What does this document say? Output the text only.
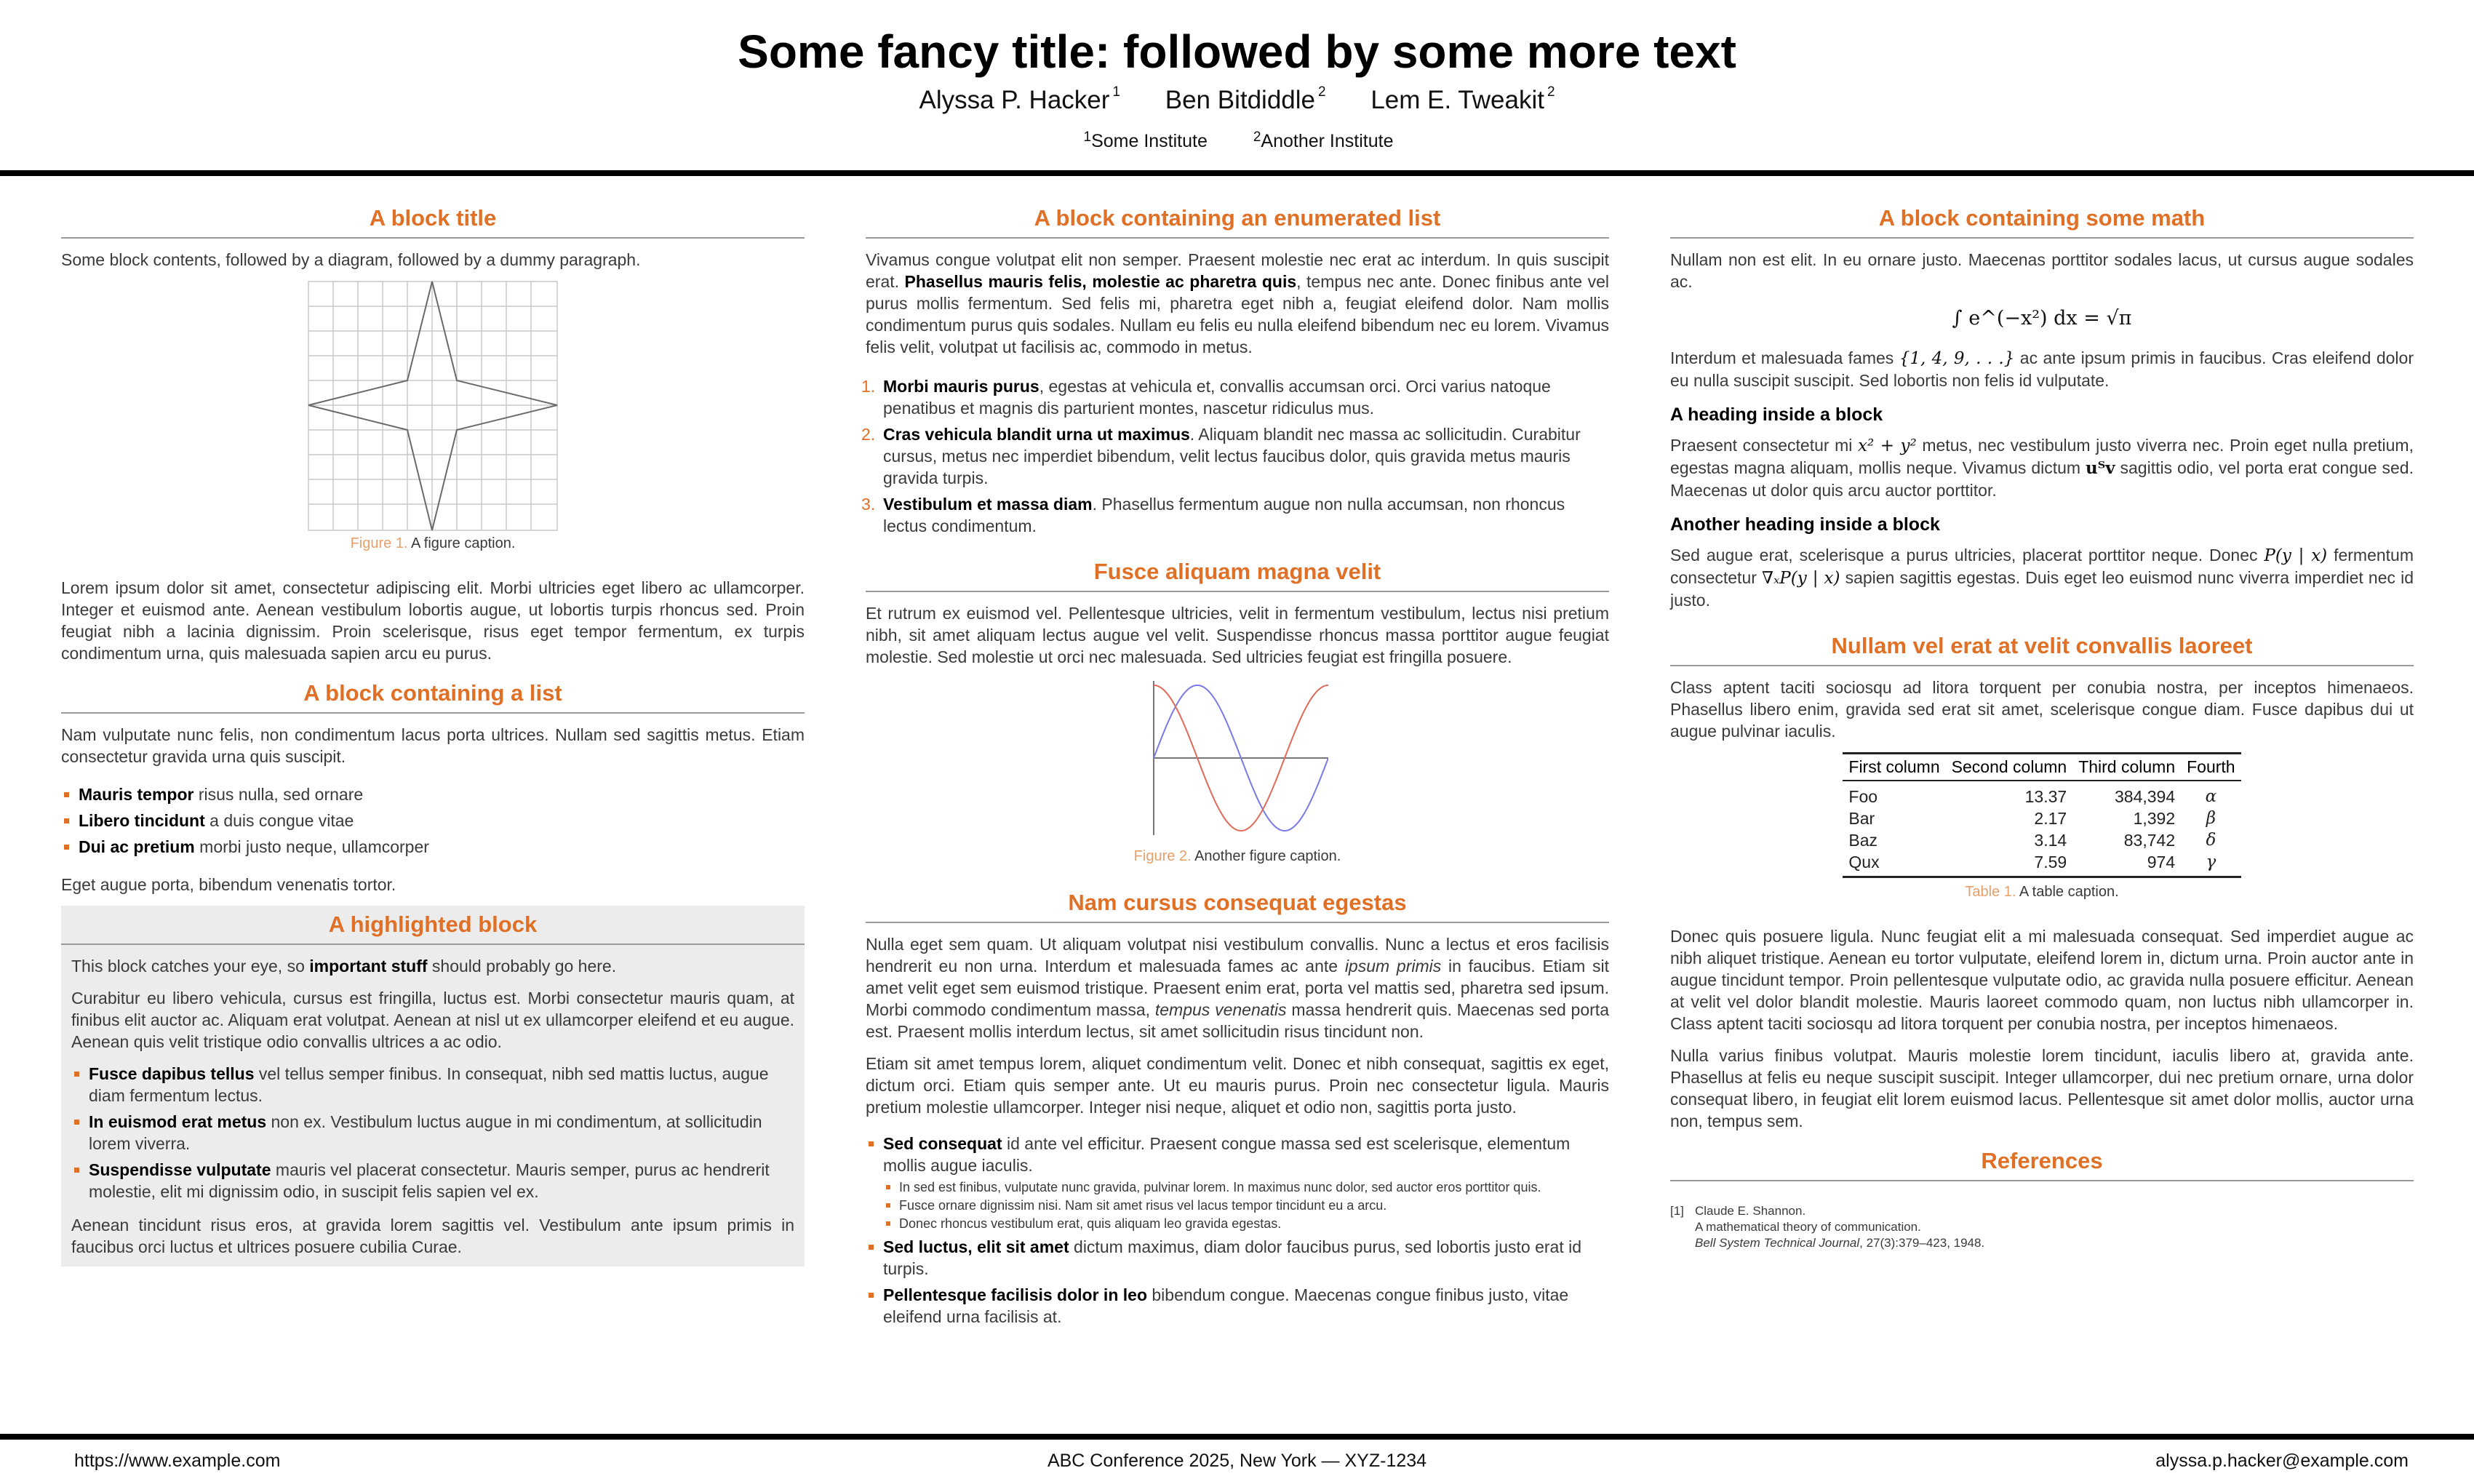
Some fancy title: followed by some more text
Alyssa P. Hacker $^1$ Ben Bitdiddle $^2$ Lem E. Tweakit $^2$
$^1$Some Institute	$^2$Another Institute
A block title

Some block contents, followed by a diagram, followed by a dummy paragraph.

Figure 1. A figure caption.

Lorem ipsum dolor sit amet, consectetur adipiscing elit. Morbi ultricies eget libero ac ullamcorper. Integer et euismod ante. Aenean vestibulum lobortis augue, ut lobortis turpis rhoncus sed. Proin feugiat nibh a lacinia dignissim. Proin scelerisque, risus eget tempor fermentum, ex turpis condimentum urna, quis malesuada sapien arcu eu purus.

A block containing a list

Nam vulputate nunc felis, non condimentum lacus porta ultrices. Nullam sed sagittis metus. Etiam consectetur gravida urna quis suscipit.

Mauris tempor risus nulla, sed ornare
Libero tincidunt a duis congue vitae
Dui ac pretium morbi justo neque, ullamcorper

Eget augue porta, bibendum venenatis tortor.

A highlighted block

This block catches your eye, so important stuff should probably go here.

Curabitur eu libero vehicula, cursus est fringilla, luctus est. Morbi consectetur mauris quam, at finibus elit auctor ac. Aliquam erat volutpat. Aenean at nisl ut ex ullamcorper eleifend et eu augue. Aenean quis velit tristique odio convallis ultrices a ac odio.

Fusce dapibus tellus vel tellus semper finibus. In consequat, nibh sed mattis luctus, augue diam fermentum lectus.
In euismod erat metus non ex. Vestibulum luctus augue in mi condimentum, at sollicitudin lorem viverra.
Suspendisse vulputate mauris vel placerat consectetur. Mauris semper, purus ac hendrerit molestie, elit mi dignissim odio, in suscipit felis sapien vel ex.

Aenean tincidunt risus eros, at gravida lorem sagittis vel. Vestibulum ante ipsum primis in faucibus orci luctus et ultrices posuere cubilia Curae.

A block containing an enumerated list

Vivamus congue volutpat elit non semper. Praesent molestie nec erat ac interdum. In quis suscipit erat. Phasellus mauris felis, molestie ac pharetra quis, tempus nec ante. Donec finibus ante vel purus mollis fermentum. Sed felis mi, pharetra eget nibh a, feugiat eleifend dolor. Nam mollis condimentum purus quis sodales. Nullam eu felis eu nulla eleifend bibendum nec eu lorem. Vivamus felis velit, volutpat ut facilisis ac, commodo in metus.

1. Morbi mauris purus, egestas at vehicula et, convallis accumsan orci. Orci varius natoque penatibus et magnis dis parturient montes, nascetur ridiculus mus.
2. Cras vehicula blandit urna ut maximus. Aliquam blandit nec massa ac sollicitudin. Curabitur cursus, metus nec imperdiet bibendum, velit lectus faucibus dolor, quis gravida metus mauris gravida turpis.
3. Vestibulum et massa diam. Phasellus fermentum augue non nulla accumsan, non rhoncus lectus condimentum.
Fusce aliquam magna velit

Et rutrum ex euismod vel. Pellentesque ultricies, velit in fermentum vestibulum, lectus nisi pretium nibh, sit amet aliquam lectus augue vel velit. Suspendisse rhoncus massa porttitor augue feugiat molestie. Sed molestie ut orci nec malesuada. Sed ultricies feugiat est fringilla posuere.

Figure 2. Another figure caption.
Nam cursus consequat egestas

Nulla eget sem quam. Ut aliquam volutpat nisi vestibulum convallis. Nunc a lectus et eros facilisis hendrerit eu non urna. Interdum et malesuada fames ac ante ipsum primis in faucibus. Etiam sit amet velit eget sem euismod tristique. Praesent enim erat, porta vel mattis sed, pharetra sed ipsum. Morbi commodo condimentum massa, tempus venenatis massa hendrerit quis. Maecenas sed porta est. Praesent mollis interdum lectus, sit amet sollicitudin risus tincidunt non.

Etiam sit amet tempus lorem, aliquet condimentum velit. Donec et nibh consequat, sagittis ex eget, dictum orci. Etiam quis semper ante. Ut eu mauris purus. Proin nec consectetur ligula. Mauris pretium molestie ullamcorper. Integer nisi neque, aliquet et odio non, sagittis porta justo.

Sed consequat id ante vel efficitur. Praesent congue massa sed est scelerisque, elementum mollis augue iaculis.
In sed est finibus, vulputate nunc gravida, pulvinar lorem. In maximus nunc dolor, sed auctor eros porttitor quis.
Fusce ornare dignissim nisi. Nam sit amet risus vel lacus tempor tincidunt eu a arcu.
Donec rhoncus vestibulum erat, quis aliquam leo gravida egestas.
Sed luctus, elit sit amet dictum maximus, diam dolor faucibus purus, sed lobortis justo erat id turpis.
Pellentesque facilisis dolor in leo bibendum congue. Maecenas congue finibus justo, vitae eleifend urna facilisis at.
A block containing some math

Nullam non est elit. In eu ornare justo. Maecenas porttitor sodales lacus, ut cursus augue sodales ac.

∫ e^(−x²) dx = √π

Interdum et malesuada fames {1, 4, 9, . . .} ac ante ipsum primis in faucibus. Cras eleifend dolor eu nulla suscipit suscipit. Sed lobortis non felis id vulputate.

A heading inside a block

Praesent consectetur mi x² + y² metus, nec vestibulum justo viverra nec. Proin eget nulla pretium, egestas magna aliquam, mollis neque. Vivamus dictum uᵀv sagittis odio, vel porta erat congue sed. Maecenas ut dolor quis arcu auctor porttitor.

Another heading inside a block

Sed augue erat, scelerisque a purus ultricies, placerat porttitor neque. Donec P(y | x) fermentum consectetur ∇ₓP(y | x) sapien sagittis egestas. Duis eget leo euismod nunc viverra imperdiet nec id justo.

Nullam vel erat at velit convallis laoreet

Class aptent taciti sociosqu ad litora torquent per conubia nostra, per inceptos himenaeos. Phasellus libero enim, gravida sed erat sit amet, scelerisque congue diam. Fusce dapibus dui ut augue pulvinar iaculis.

First column	Second column	Third column	Fourth
Foo	13.37	384,394	α
Bar	2.17	1,392	β
Baz	3.14	83,742	δ
Qux	7.59	974	γ
Table 1. A table caption.

Donec quis posuere ligula. Nunc feugiat elit a mi malesuada consequat. Sed imperdiet augue ac nibh aliquet tristique. Aenean eu tortor vulputate, eleifend lorem in, dictum urna. Proin auctor ante in augue tincidunt tempor. Proin pellentesque vulputate odio, ac gravida nulla posuere efficitur. Aenean at velit vel dolor blandit molestie. Mauris laoreet commodo quam, non luctus nibh ullamcorper in. Class aptent taciti sociosqu ad litora torquent per conubia nostra, per inceptos himenaeos.

Nulla varius finibus volutpat. Mauris molestie lorem tincidunt, iaculis libero at, gravida ante. Phasellus at felis eu neque suscipit suscipit. Integer ullamcorper, dui nec pretium ornare, urna dolor consequat libero, in feugiat elit lorem euismod lacus. Pellentesque sit amet dolor mollis, auctor urna non, tempus sem.

References
[1] Claude E. Shannon.
A mathematical theory of communication.
Bell System Technical Journal, 27(3):379–423, 1948.
https://www.example.com	ABC Conference 2025, New York — XYZ-1234	alyssa.p.hacker@example.com
